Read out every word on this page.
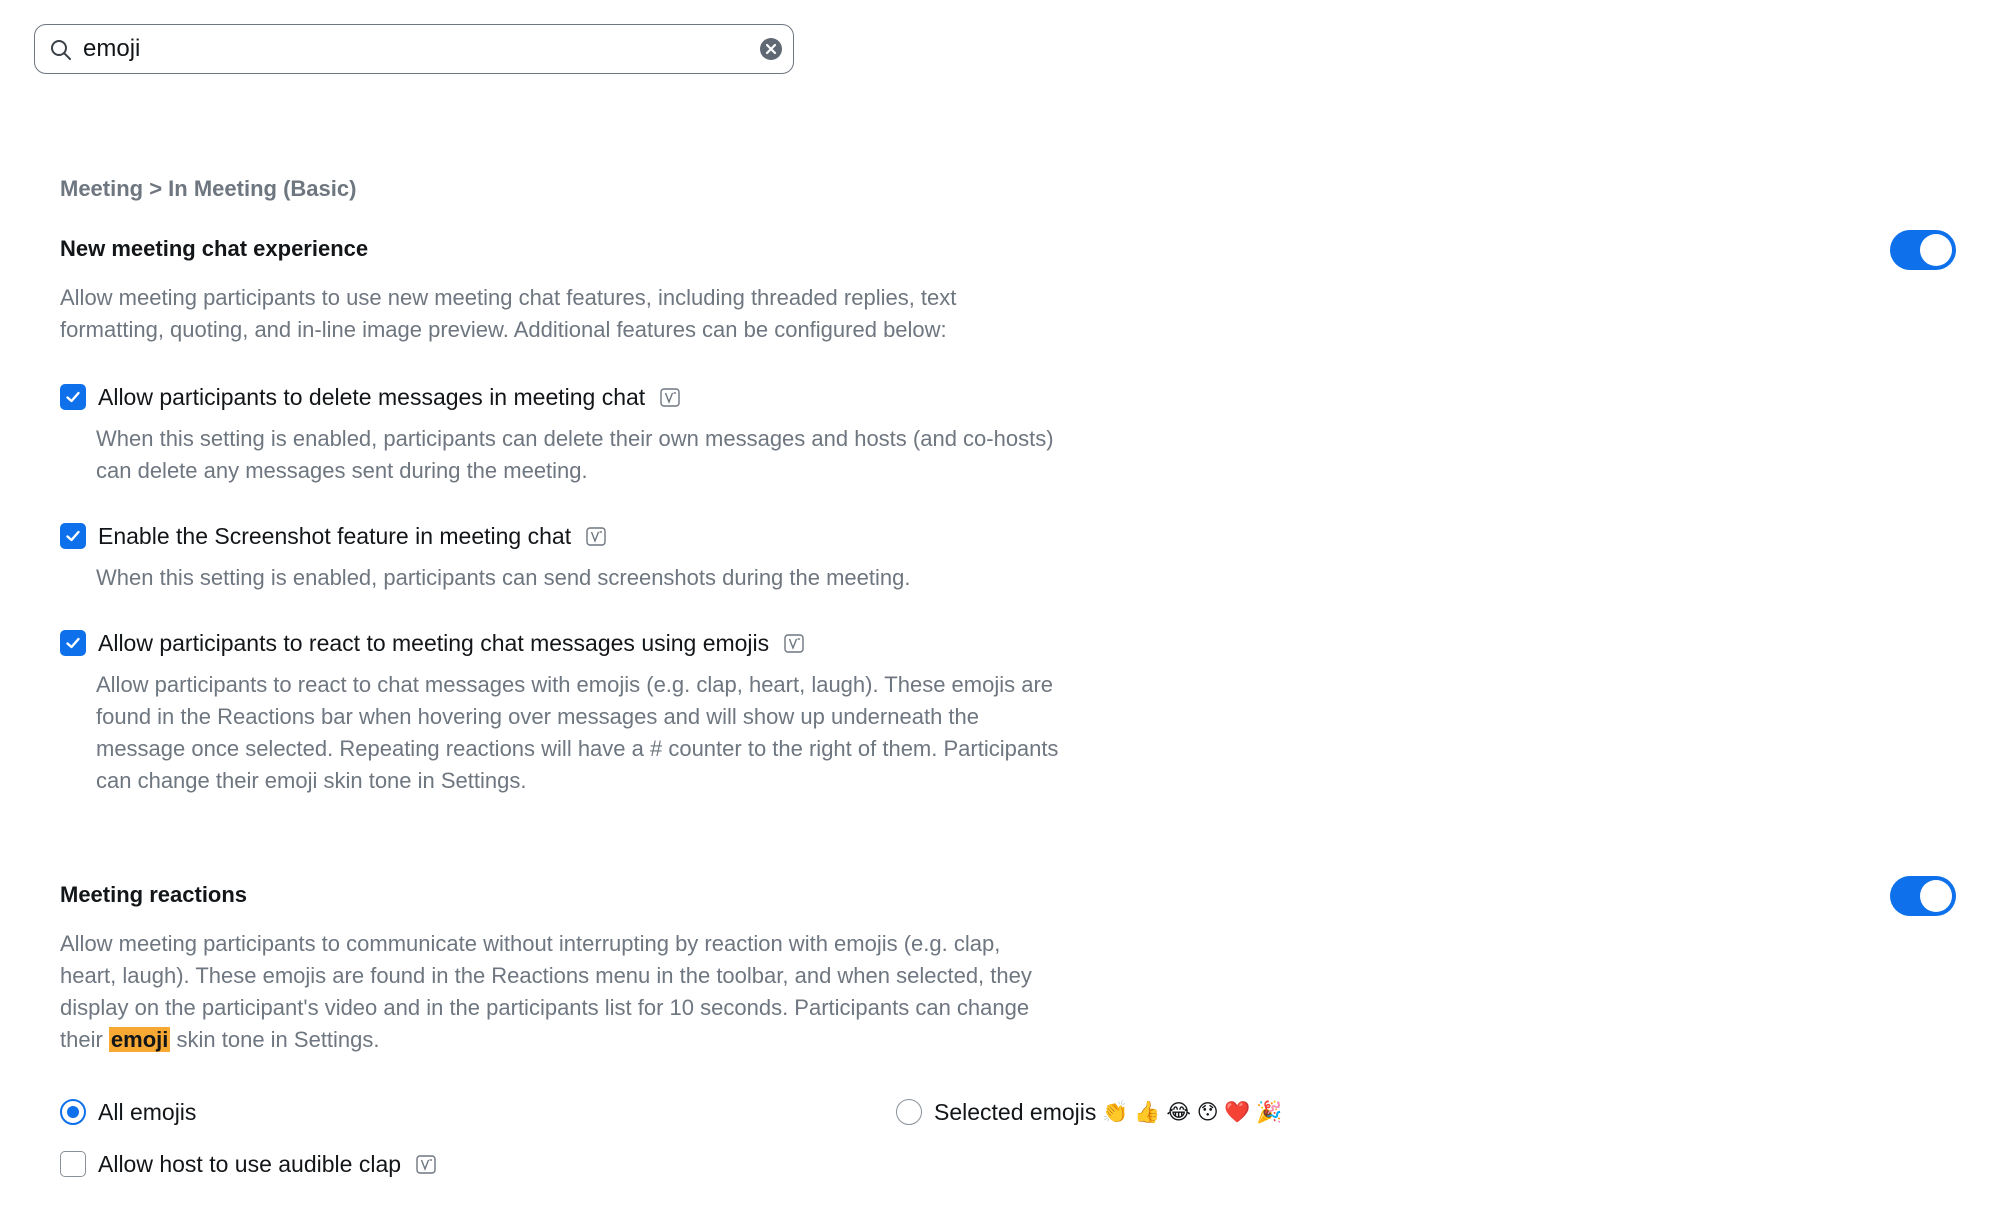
emoji

Meeting > In Meeting (Basic)

New meeting chat experience

Allow meeting participants to use new meeting chat features, including threaded replies, text
formatting, quoting, and in-line image preview. Additional features can be configured below:

Allow participants to delete messages in meeting chat

When this setting is enabled, participants can delete their own messages and hosts (and co-hosts)
can delete any messages sent during the meeting.

Enable the Screenshot feature in meeting chat

When this setting is enabled, participants can send screenshots during the meeting.

Allow participants to react to meeting chat messages using emojis

Allow participants to react to chat messages with emojis (e.g. clap, heart, laugh). These emojis are
found in the Reactions bar when hovering over messages and will show up underneath the
message once selected. Repeating reactions will have a # counter to the right of them. Participants
can change their emoji skin tone in Settings.

Meeting reactions

Allow meeting participants to communicate without interrupting by reaction with emojis (e.g. clap,
heart, laugh). These emojis are found in the Reactions menu in the toolbar, and when selected, they
display on the participant's video and in the participants list for 10 seconds. Participants can change
their emoji skin tone in Settings.

All emojis	Selected emojis 👏 👍 😂 😯 ❤️ 🎉
Allow host to use audible clap
